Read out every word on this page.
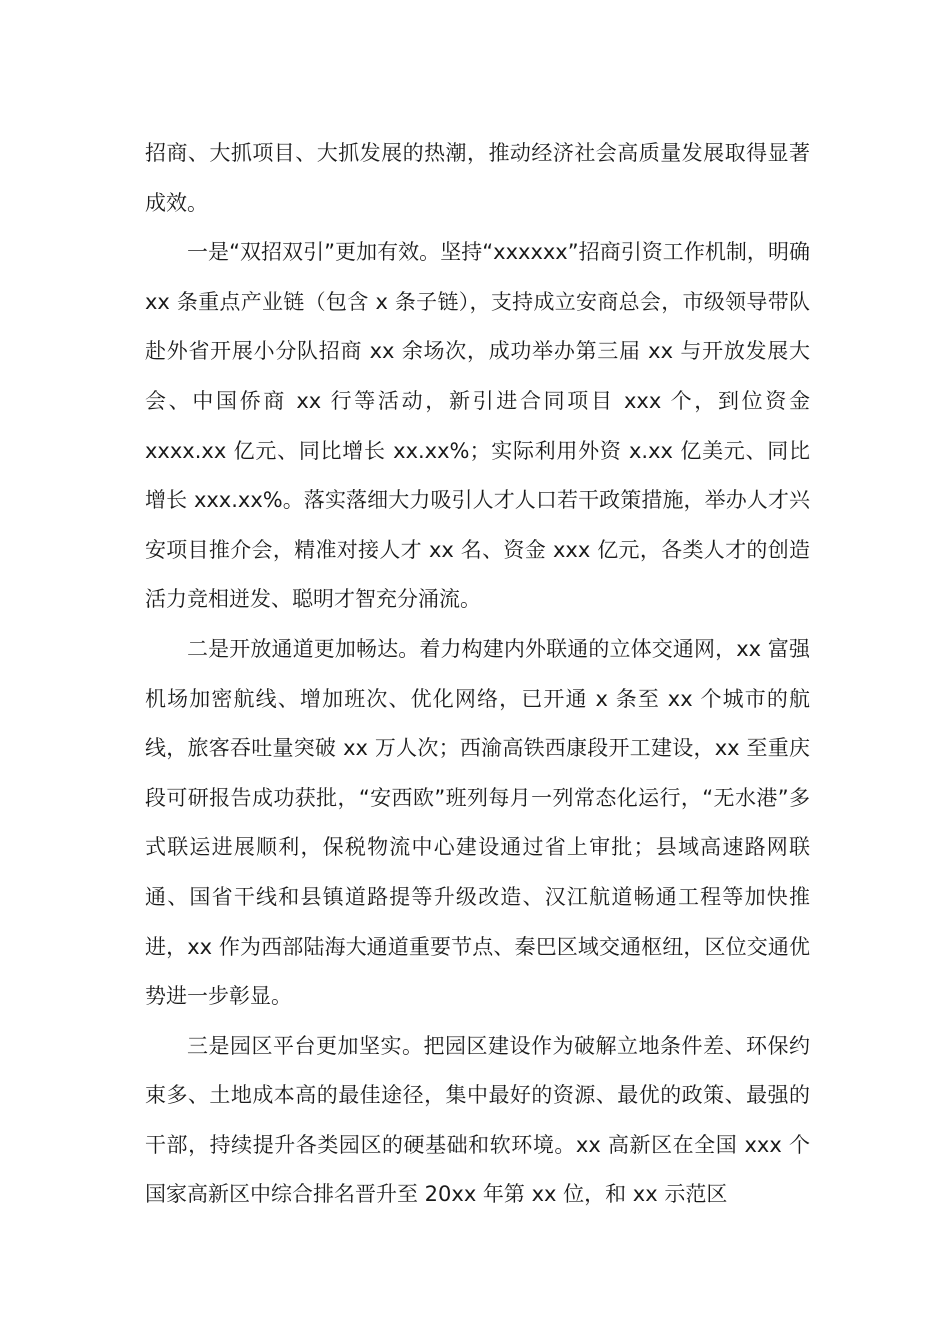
招商、大抓项目、大抓发展的热潮，推动经济社会高质量发展取得显著成效。

一是“双招双引”更加有效。坚持“xxxxxx”招商引资工作机制，明确 xx 条重点产业链（包含 x 条子链），支持成立安商总会，市级领导带队赴外省开展小分队招商 xx 余场次，成功举办第三届 xx 与开放发展大会、中国侨商 xx 行等活动，新引进合同项目 xxx 个，到位资金 xxxx.xx 亿元、同比增长 xx.xx%；实际利用外资 x.xx 亿美元、同比增长 xxx.xx%。落实落细大力吸引人才人口若干政策措施，举办人才兴安项目推介会，精准对接人才 xx 名、资金 xxx 亿元，各类人才的创造活力竞相迸发、聪明才智充分涌流。

二是开放通道更加畅达。着力构建内外联通的立体交通网，xx 富强机场加密航线、增加班次、优化网络，已开通 x 条至 xx 个城市的航线，旅客吞吐量突破 xx 万人次；西渝高铁西康段开工建设，xx 至重庆段可研报告成功获批，“安西欧”班列每月一列常态化运行，“无水港”多式联运进展顺利，保税物流中心建设通过省上审批；县域高速路网联通、国省干线和县镇道路提等升级改造、汉江航道畅通工程等加快推进，xx 作为西部陆海大通道重要节点、秦巴区域交通枢纽，区位交通优势进一步彰显。

三是园区平台更加坚实。把园区建设作为破解立地条件差、环保约束多、土地成本高的最佳途径，集中最好的资源、最优的政策、最强的干部，持续提升各类园区的硬基础和软环境。xx 高新区在全国 xxx 个国家高新区中综合排名晋升至 20xx 年第 xx 位，和 xx 示范区
